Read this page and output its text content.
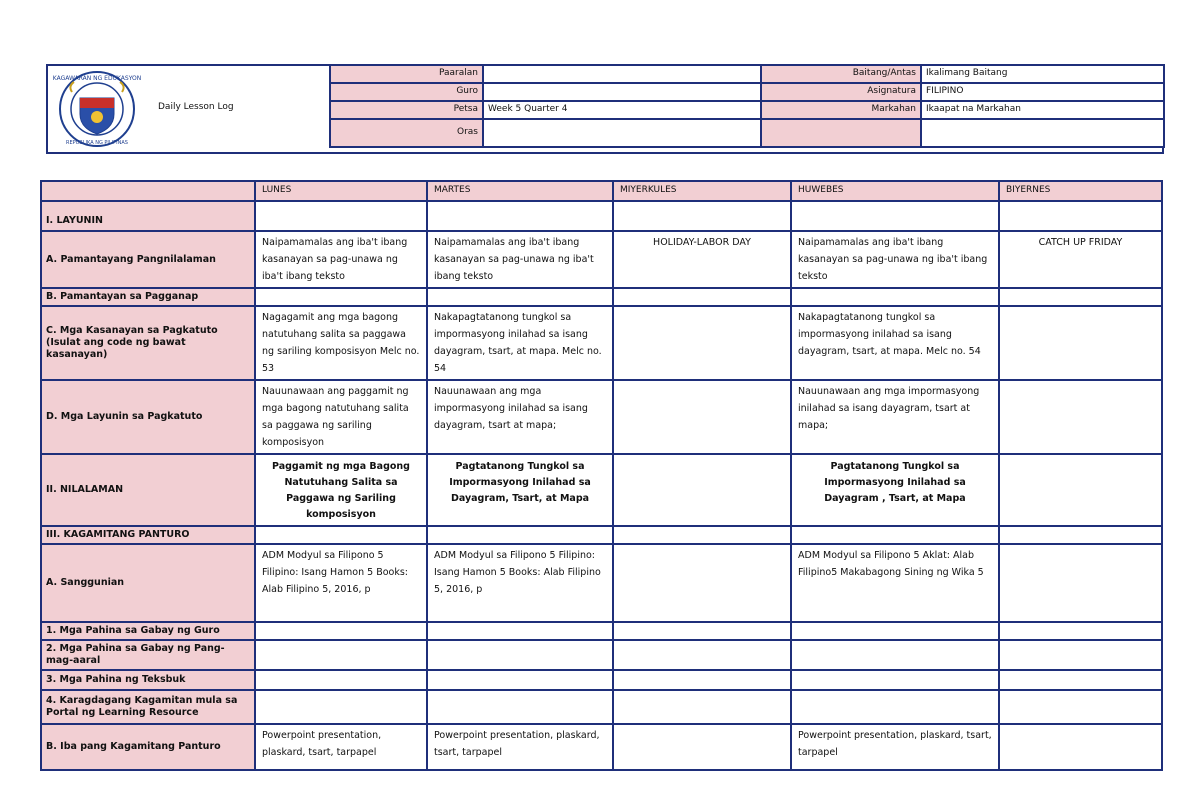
KAGAWARAN NG EDUKASYON
REPUBLIKA NG PILIPINAS
Daily Lesson Log
Paaralan		Baitang/Antas	Ikalimang Baitang
Guro		Asignatura	FILIPINO
Petsa	Week 5 Quarter 4	Markahan	Ikaapat na Markahan
Oras			
	LUNES	MARTES	MIYERKULES	HUWEBES	BIYERNES
I. LAYUNIN	

A. Pamantayang Pangnilalaman	Naipamamalas ang iba't ibang kasanayan sa pag-unawa ng iba't ibang teksto	Naipamamalas ang iba't ibang kasanayan sa pag-unawa ng iba't ibang teksto	HOLIDAY-LABOR DAY	Naipamamalas ang iba't ibang kasanayan sa pag-unawa ng iba't ibang teksto	CATCH UP FRIDAY

B. Pamantayan sa Pagganap	

C. Mga Kasanayan sa Pagkatuto (Isulat ang code ng bawat kasanayan)	Nagagamit ang mga bagong natutuhang salita sa paggawa ng sariling komposisyon Melc no. 53	Nakapagtatanong tungkol sa impormasyong inilahad sa isang dayagram, tsart, at mapa. Melc no. 54		Nakapagtatanong tungkol sa impormasyong inilahad sa isang dayagram, tsart, at mapa. Melc no. 54	

D. Mga Layunin sa Pagkatuto	Nauunawaan ang paggamit ng mga bagong natutuhang salita sa paggawa ng sariling komposisyon	Nauunawaan ang mga impormasyong inilahad sa isang dayagram, tsart at mapa;		Nauunawaan ang mga impormasyong inilahad sa isang dayagram, tsart at mapa;	

II. NILALAMAN	Paggamit ng mga Bagong Natutuhang Salita sa Paggawa ng Sariling komposisyon	Pagtatanong Tungkol sa Impormasyong Inilahad sa Dayagram, Tsart, at Mapa		Pagtatanong Tungkol sa Impormasyong Inilahad sa Dayagram , Tsart, at Mapa	

III. KAGAMITANG PANTURO	

A. Sanggunian	ADM Modyul sa Filipono 5 Filipino: Isang Hamon 5 Books: Alab Filipino 5, 2016, p	ADM Modyul sa Filipono 5 Filipino: Isang Hamon 5 Books: Alab Filipino 5, 2016, p		ADM Modyul sa Filipono 5 Aklat: Alab Filipino5 Makabagong Sining ng Wika 5	

1. Mga Pahina sa Gabay ng Guro	

2. Mga Pahina sa Gabay ng Pang-mag-aaral	

3. Mga Pahina ng Teksbuk	

4. Karagdagang Kagamitan mula sa Portal ng Learning Resource	

B. Iba pang Kagamitang Panturo	Powerpoint presentation, plaskard, tsart, tarpapel	Powerpoint presentation, plaskard, tsart, tarpapel		Powerpoint presentation, plaskard, tsart, tarpapel	
